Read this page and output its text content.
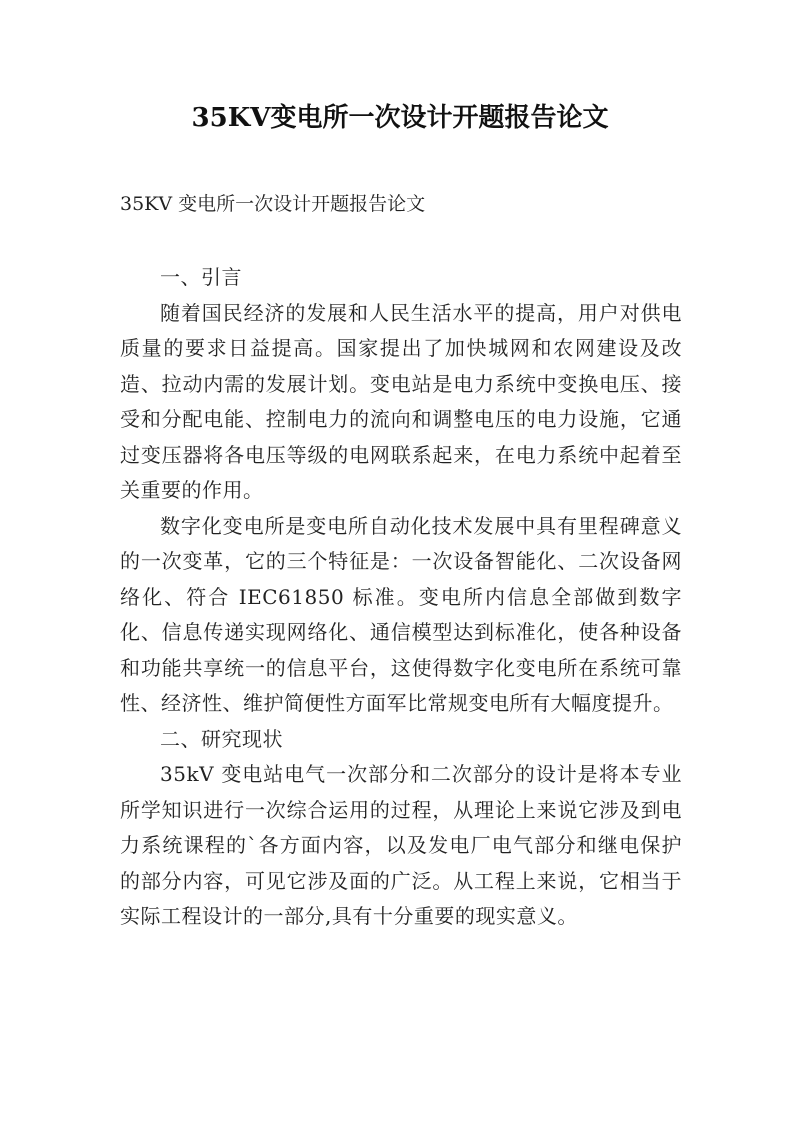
35KV变电所一次设计开题报告论文
35KV 变电所一次设计开题报告论文
一、引言

随着国民经济的发展和人民生活水平的提高，用户对供电质量的要求日益提高。国家提出了加快城网和农网建设及改造、拉动内需的发展计划。变电站是电力系统中变换电压、接受和分配电能、控制电力的流向和调整电压的电力设施，它通过变压器将各电压等级的电网联系起来，在电力系统中起着至关重要的作用。

数字化变电所是变电所自动化技术发展中具有里程碑意义的一次变革，它的三个特征是：一次设备智能化、二次设备网络化、符合 IEC61850 标准。变电所内信息全部做到数字化、信息传递实现网络化、通信模型达到标准化，使各种设备和功能共享统一的信息平台，这使得数字化变电所在系统可靠性、经济性、维护简便性方面军比常规变电所有大幅度提升。

二、研究现状

35kV 变电站电气一次部分和二次部分的设计是将本专业所学知识进行一次综合运用的过程，从理论上来说它涉及到电力系统课程的`各方面内容，以及发电厂电气部分和继电保护的部分内容，可见它涉及面的广泛。从工程上来说，它相当于实际工程设计的一部分,具有十分重要的现实意义。
